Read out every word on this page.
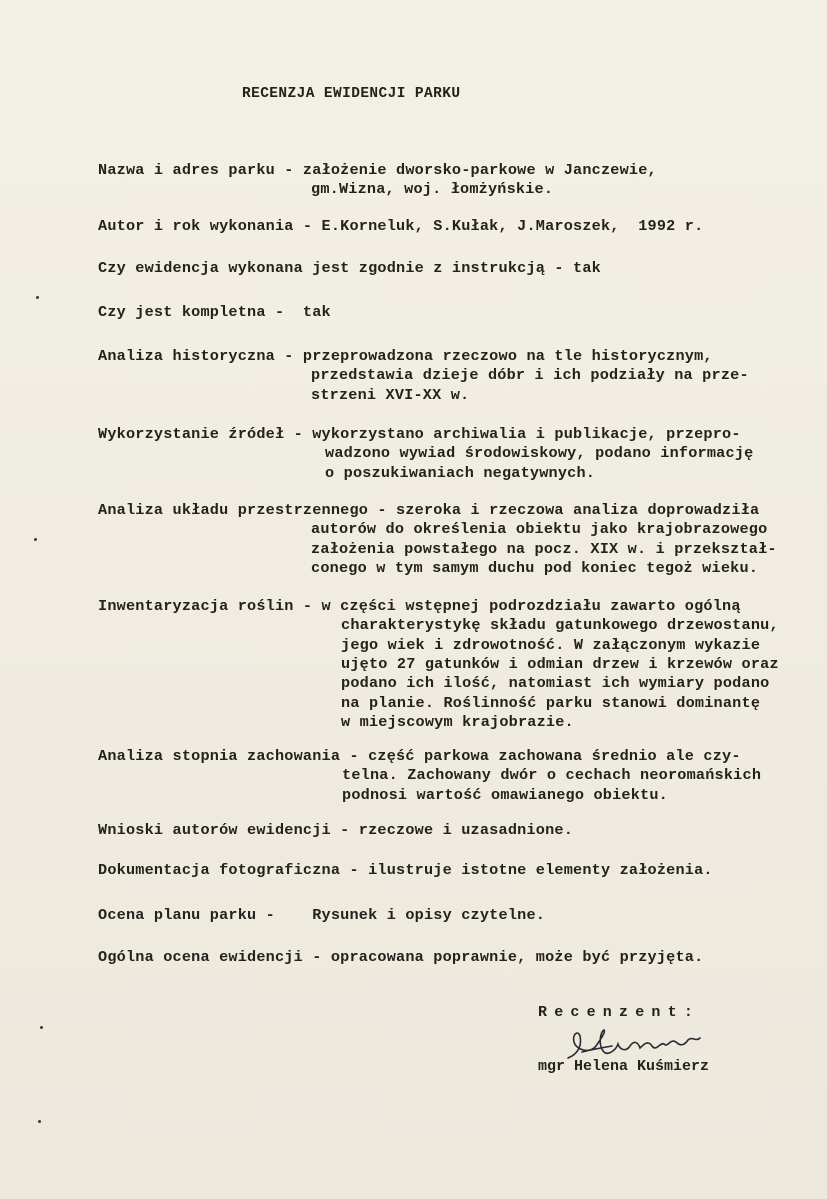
RECENZJA EWIDENCJI PARKU
Nazwa i adres parku - założenie dworsko-parkowe w Janczewie,
gm.Wizna, woj. łomżyńskie.
Autor i rok wykonania - E.Korneluk, S.Kułak, J.Maroszek,  1992 r.
Czy ewidencja wykonana jest zgodnie z instrukcją - tak
Czy jest kompletna -  tak
Analiza historyczna - przeprowadzona rzeczowo na tle historycznym,
przedstawia dzieje dóbr i ich podziały na prze-
strzeni XVI-XX w.
Wykorzystanie źródeł - wykorzystano archiwalia i publikacje, przepro-
wadzono wywiad środowiskowy, podano informację
o poszukiwaniach negatywnych.
Analiza układu przestrzennego - szeroka i rzeczowa analiza doprowadziła
autorów do określenia obiektu jako krajobrazowego
założenia powstałego na pocz. XIX w. i przekształ-
conego w tym samym duchu pod koniec tegoż wieku.
Inwentaryzacja roślin - w części wstępnej podrozdziału zawarto ogólną
charakterystykę składu gatunkowego drzewostanu,
jego wiek i zdrowotność. W załączonym wykazie
ujęto 27 gatunków i odmian drzew i krzewów oraz
podano ich ilość, natomiast ich wymiary podano
na planie. Roślinność parku stanowi dominantę
w miejscowym krajobrazie.
Analiza stopnia zachowania - część parkowa zachowana średnio ale czy-
telna. Zachowany dwór o cechach neoromańskich
podnosi wartość omawianego obiektu.
Wnioski autorów ewidencji - rzeczowe i uzasadnione.
Dokumentacja fotograficzna - ilustruje istotne elementy założenia.
Ocena planu parku -    Rysunek i opisy czytelne.
Ogólna ocena ewidencji - opracowana poprawnie, może być przyjęta.
Recenzent:
mgr Helena Kuśmierz
